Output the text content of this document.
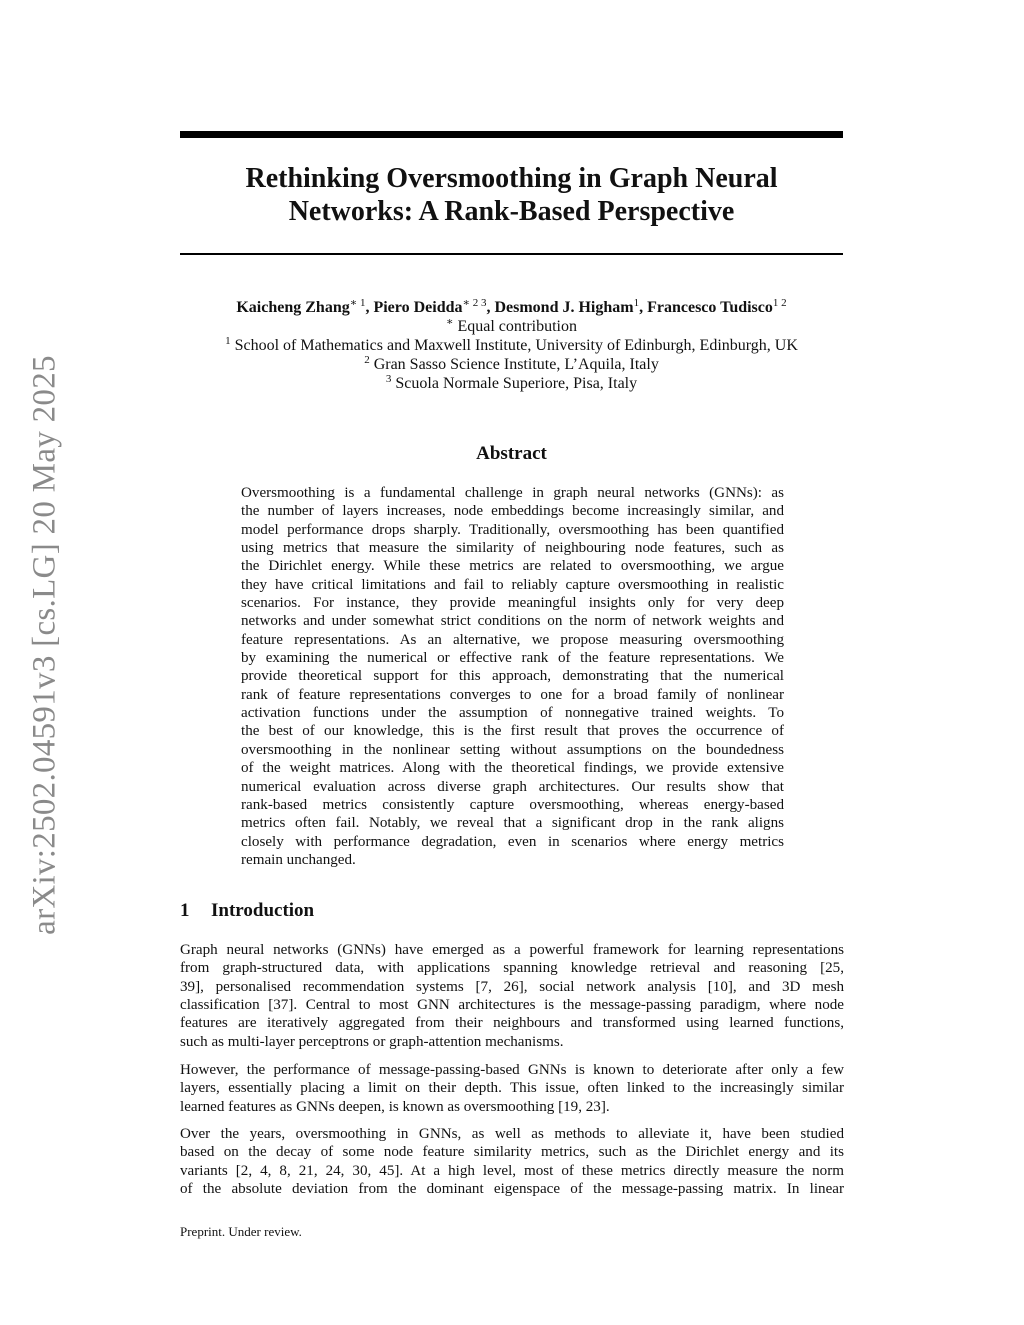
arXiv:2502.04591v3 [cs.LG] 20 May 2025
Rethinking Oversmoothing in Graph Neural
Networks: A Rank-Based Perspective
Kaicheng Zhang$^{∗ 1}$, Piero Deidda$^{∗ 2 3}$, Desmond J. Higham$^1$, Francesco Tudisco$^{1 2}$
∗ Equal contribution
$^1$ School of Mathematics and Maxwell Institute, University of Edinburgh, Edinburgh, UK
$^2$ Gran Sasso Science Institute, L’Aquila, Italy
$^3$ Scuola Normale Superiore, Pisa, Italy
Abstract
Oversmoothing is a fundamental challenge in graph neural networks (GNNs): as
the number of layers increases, node embeddings become increasingly similar, and
model performance drops sharply. Traditionally, oversmoothing has been quantified
using metrics that measure the similarity of neighbouring node features, such as
the Dirichlet energy. While these metrics are related to oversmoothing, we argue
they have critical limitations and fail to reliably capture oversmoothing in realistic
scenarios. For instance, they provide meaningful insights only for very deep
networks and under somewhat strict conditions on the norm of network weights and
feature representations. As an alternative, we propose measuring oversmoothing
by examining the numerical or effective rank of the feature representations. We
provide theoretical support for this approach, demonstrating that the numerical
rank of feature representations converges to one for a broad family of nonlinear
activation functions under the assumption of nonnegative trained weights. To
the best of our knowledge, this is the first result that proves the occurrence of
oversmoothing in the nonlinear setting without assumptions on the boundedness
of the weight matrices. Along with the theoretical findings, we provide extensive
numerical evaluation across diverse graph architectures. Our results show that
rank-based metrics consistently capture oversmoothing, whereas energy-based
metrics often fail. Notably, we reveal that a significant drop in the rank aligns
closely with performance degradation, even in scenarios where energy metrics
remain unchanged.
1 Introduction
Graph neural networks (GNNs) have emerged as a powerful framework for learning representations
from graph-structured data, with applications spanning knowledge retrieval and reasoning [25,
39], personalised recommendation systems [7, 26], social network analysis [10], and 3D mesh
classification [37]. Central to most GNN architectures is the message-passing paradigm, where node
features are iteratively aggregated from their neighbours and transformed using learned functions,
such as multi-layer perceptrons or graph-attention mechanisms.
However, the performance of message-passing-based GNNs is known to deteriorate after only a few
layers, essentially placing a limit on their depth. This issue, often linked to the increasingly similar
learned features as GNNs deepen, is known as oversmoothing [19, 23].
Over the years, oversmoothing in GNNs, as well as methods to alleviate it, have been studied
based on the decay of some node feature similarity metrics, such as the Dirichlet energy and its
variants [2, 4, 8, 21, 24, 30, 45]. At a high level, most of these metrics directly measure the norm
of the absolute deviation from the dominant eigenspace of the message-passing matrix. In linear
Preprint. Under review.
